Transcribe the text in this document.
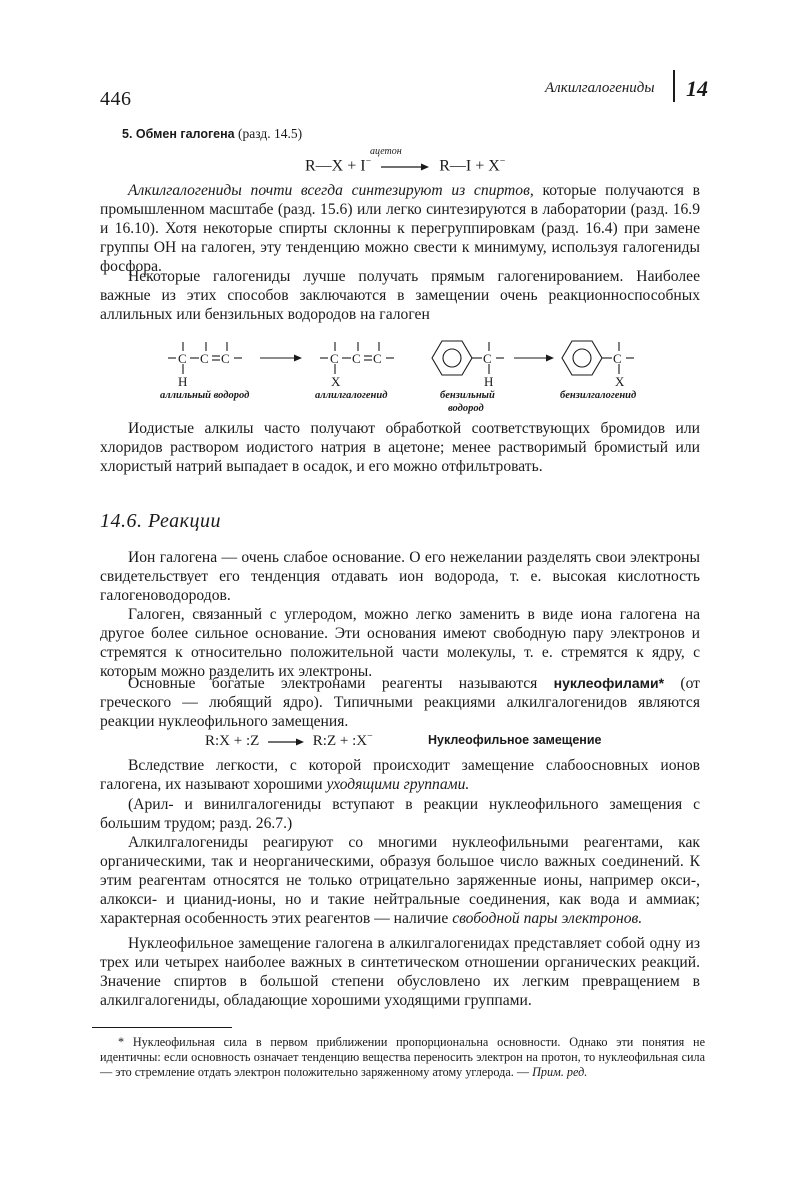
446	Алкилгалогениды 14
5. Обмен галогена (разд. 14.5)
ацетон
R—X + I− → R—I + X−

Алкилгалогениды почти всегда синтезируют из спиртов, которые получаются в промышленном масштабе (разд. 15.6) или легко синтезируются в лаборатории (разд. 16.9 и 16.10). Хотя некоторые спирты склонны к перегруппировкам (разд. 16.4) при замене группы ОН на галоген, эту тенденцию можно свести к минимуму, используя галогениды фосфора.

Некоторые галогениды лучше получать прямым галогенированием. Наиболее важные из этих способов заключаются в замещении очень реакционноспособных аллильных или бензильных водородов на галоген

C C C	C C C	C	C
H	X	H	X
аллильный водород	аллилгалогенид	бензильный
водород
бензилгалогенид

Иодистые алкилы часто получают обработкой соответствующих бромидов или хлоридов раствором иодистого натрия в ацетоне; менее растворимый бромистый или хлористый натрий выпадает в осадок, и его можно отфильтровать.

14.6. Реакции

Ион галогена — очень слабое основание. О его нежелании разделять свои электроны свидетельствует его тенденция отдавать ион водорода, т. е. высокая кислотность галогеноводородов.

Галоген, связанный с углеродом, можно легко заменить в виде иона галогена на другое более сильное основание. Эти основания имеют свободную пару электронов и стремятся к относительно положительной части молекулы, т. е. стремятся к ядру, с которым можно разделить их электроны.

Основные богатые электронами реагенты называются нуклеофилами* (от греческого — любящий ядро). Типичными реакциями алкилгалогенидов являются реакции нуклеофильного замещения.

R:X + :Z	R:Z + :X−	Нуклеофильное замещение

Вследствие легкости, с которой происходит замещение слабоосновных ионов галогена, их называют хорошими уходящими группами.

(Арил- и винилгалогениды вступают в реакции нуклеофильного замещения с большим трудом; разд. 26.7.)

Алкилгалогениды реагируют со многими нуклеофильными реагентами, как органическими, так и неорганическими, образуя большое число важных соединений. К этим реагентам относятся не только отрицательно заряженные ионы, например окси-, алкокси- и цианид-ионы, но и такие нейтральные соединения, как вода и аммиак; характерная особенность этих реагентов — наличие свободной пары электронов.

Нуклеофильное замещение галогена в алкилгалогенидах представляет собой одну из трех или четырех наиболее важных в синтетическом отношении органических реакций. Значение спиртов в большой степени обусловлено их легким превращением в алкилгалогениды, обладающие хорошими уходящими группами.

* Нуклеофильная сила в первом приближении пропорциональна основности. Однако эти понятия не идентичны: если основность означает тенденцию вещества переносить электрон на протон, то нуклеофильная сила — это стремление отдать электрон положительно заряженному атому углерода. — Прим. ред.
